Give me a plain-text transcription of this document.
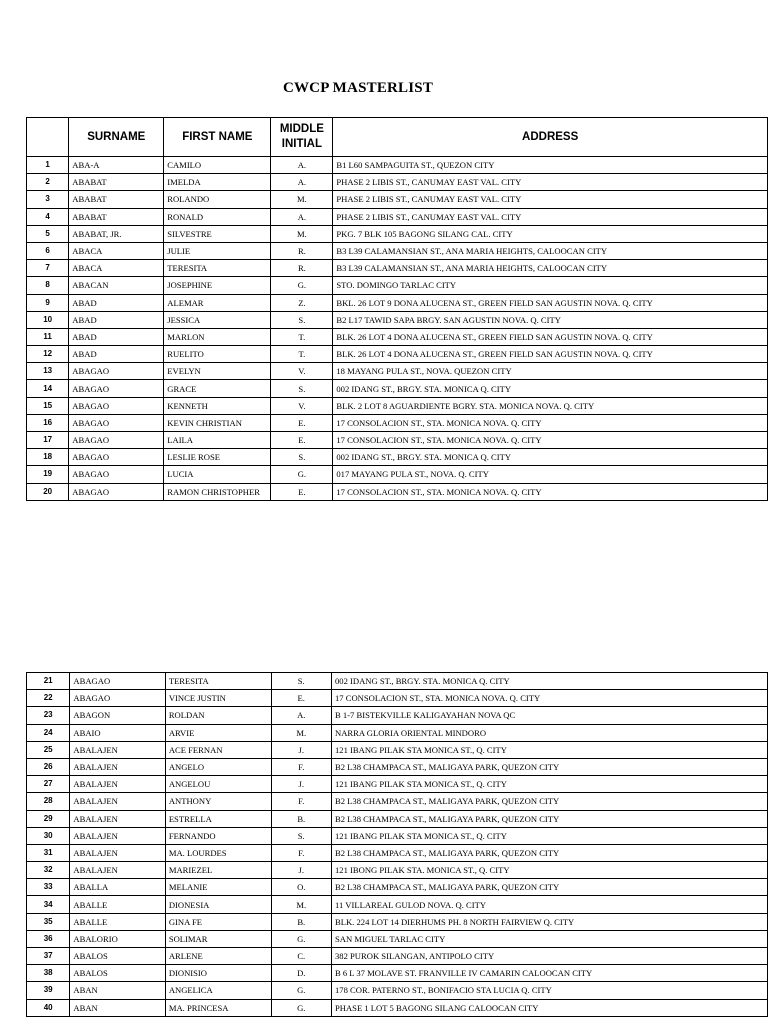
CWCP MASTERLIST
	SURNAME	FIRST NAME	MIDDLE INITIAL	ADDRESS
1	ABA-A	CAMILO	A.	B1 L60 SAMPAGUITA ST., QUEZON CITY
2	ABABAT	IMELDA	A.	PHASE 2 LIBIS ST., CANUMAY EAST VAL. CITY
3	ABABAT	ROLANDO	M.	PHASE 2 LIBIS ST., CANUMAY EAST VAL. CITY
4	ABABAT	RONALD	A.	PHASE 2 LIBIS ST., CANUMAY EAST VAL. CITY
5	ABABAT, JR.	SILVESTRE	M.	PKG. 7 BLK 105 BAGONG SILANG CAL. CITY
6	ABACA	JULIE	R.	B3 L39 CALAMANSIAN ST., ANA MARIA HEIGHTS, CALOOCAN CITY
7	ABACA	TERESITA	R.	B3 L39 CALAMANSIAN ST., ANA MARIA HEIGHTS, CALOOCAN CITY
8	ABACAN	JOSEPHINE	G.	STO. DOMINGO TARLAC CITY
9	ABAD	ALEMAR	Z.	BKL. 26 LOT 9 DONA ALUCENA ST., GREEN FIELD SAN AGUSTIN NOVA. Q. CITY
10	ABAD	JESSICA	S.	B2 L17 TAWID SAPA BRGY. SAN AGUSTIN NOVA. Q. CITY
11	ABAD	MARLON	T.	BLK. 26 LOT 4 DONA ALUCENA ST., GREEN FIELD SAN AGUSTIN NOVA. Q. CITY
12	ABAD	RUELITO	T.	BLK. 26 LOT 4 DONA ALUCENA ST., GREEN FIELD SAN AGUSTIN NOVA. Q. CITY
13	ABAGAO	EVELYN	V.	18 MAYANG PULA ST., NOVA. QUEZON CITY
14	ABAGAO	GRACE	S.	002 IDANG ST., BRGY. STA. MONICA Q. CITY
15	ABAGAO	KENNETH	V.	BLK. 2 LOT 8 AGUARDIENTE BGRY. STA. MONICA NOVA. Q. CITY
16	ABAGAO	KEVIN CHRISTIAN	E.	17 CONSOLACION ST., STA. MONICA NOVA. Q. CITY
17	ABAGAO	LAILA	E.	17 CONSOLACION ST., STA. MONICA NOVA. Q. CITY
18	ABAGAO	LESLIE ROSE	S.	002 IDANG ST., BRGY. STA. MONICA Q. CITY
19	ABAGAO	LUCIA	G.	017 MAYANG PULA ST., NOVA. Q. CITY
20	ABAGAO	RAMON CHRISTOPHER	E.	17 CONSOLACION ST., STA. MONICA NOVA. Q. CITY
21	ABAGAO	TERESITA	S.	002 IDANG ST., BRGY. STA. MONICA Q. CITY
22	ABAGAO	VINCE JUSTIN	E.	17 CONSOLACION ST., STA. MONICA NOVA. Q. CITY
23	ABAGON	ROLDAN	A.	B 1-7 BISTEKVILLE KALIGAYAHAN NOVA QC
24	ABAIO	ARVIE	M.	NARRA GLORIA ORIENTAL MINDORO
25	ABALAJEN	ACE FERNAN	J.	121 IBANG PILAK STA MONICA ST., Q. CITY
26	ABALAJEN	ANGELO	F.	B2 L38 CHAMPACA ST., MALIGAYA PARK, QUEZON CITY
27	ABALAJEN	ANGELOU	J.	121 IBANG PILAK STA MONICA ST., Q. CITY
28	ABALAJEN	ANTHONY	F.	B2 L38 CHAMPACA ST., MALIGAYA PARK, QUEZON CITY
29	ABALAJEN	ESTRELLA	B.	B2 L38 CHAMPACA ST., MALIGAYA PARK, QUEZON CITY
30	ABALAJEN	FERNANDO	S.	121 IBANG PILAK STA MONICA ST., Q. CITY
31	ABALAJEN	MA. LOURDES	F.	B2 L38 CHAMPACA ST., MALIGAYA PARK, QUEZON CITY
32	ABALAJEN	MARIEZEL	J.	121 IBONG PILAK STA. MONICA ST., Q. CITY
33	ABALLA	MELANIE	O.	B2 L38 CHAMPACA ST., MALIGAYA PARK, QUEZON CITY
34	ABALLE	DIONESIA	M.	11 VILLAREAL GULOD NOVA. Q. CITY
35	ABALLE	GINA FE	B.	BLK. 224 LOT 14 DIERHUMS PH. 8 NORTH FAIRVIEW Q. CITY
36	ABALORIO	SOLIMAR	G.	SAN MIGUEL TARLAC CITY
37	ABALOS	ARLENE	C.	382 PUROK SILANGAN, ANTIPOLO CITY
38	ABALOS	DIONISIO	D.	B 6 L 37 MOLAVE ST. FRANVILLE IV CAMARIN CALOOCAN CITY
39	ABAN	ANGELICA	G.	178 COR. PATERNO ST., BONIFACIO STA LUCIA Q. CITY
40	ABAN	MA. PRINCESA	G.	PHASE 1 LOT 5 BAGONG SILANG CALOOCAN CITY
